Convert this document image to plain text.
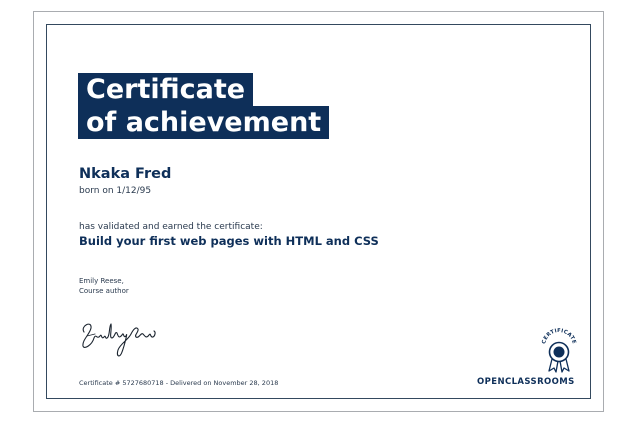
Certificate
of achievement
Nkaka Fred
born on 1/12/95
has validated and earned the certificate:
Build your first web pages with HTML and CSS
Emily Reese,
Course author
Certificate # 5727680718 - Delivered on November 28, 2018
CERTIFICATE
OPENCLASSROOMS
